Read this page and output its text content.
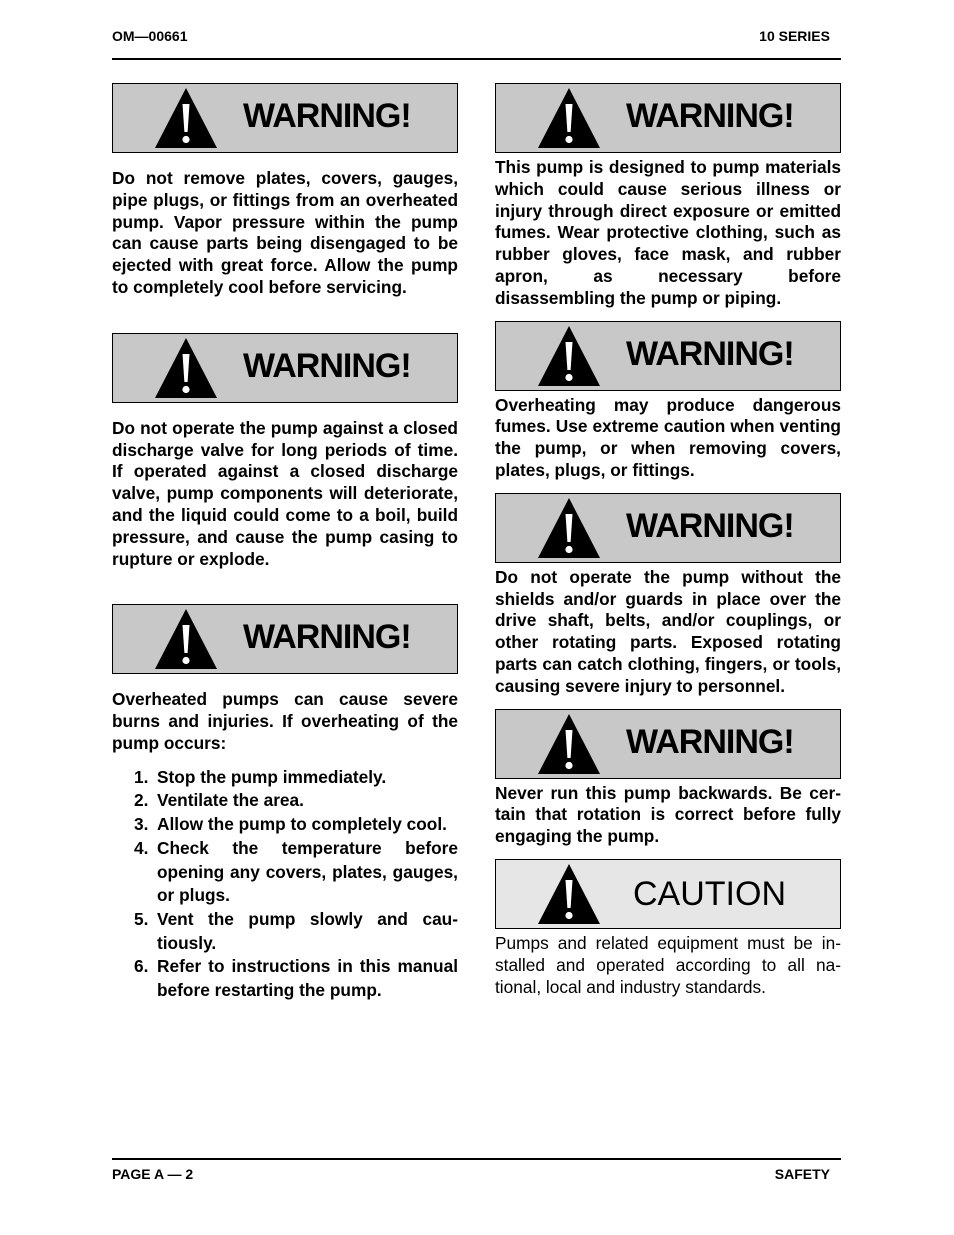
OM—00661	10 SERIES
WARNING!

Do not remove plates, covers, gauges, pipe plugs, or fittings from an overheated pump. Vapor pressure within the pump can cause parts being disengaged to be ejected with great force. Allow the pump to completely cool before servicing.

WARNING!

Do not operate the pump against a closed discharge valve for long periods of time. If operated against a closed discharge valve, pump components will deteriorate, and the liquid could come to a boil, build pressure, and cause the pump casing to rupture or explode.

WARNING!

Overheated pumps can cause severe burns and injuries. If overheating of the pump occurs:

1. Stop the pump immediately.
2. Ventilate the area.
3. Allow the pump to completely cool.
4. Check the temperature before opening any covers, plates, gauges, or plugs.
5. Vent the pump slowly and cautiously.
6. Refer to instructions in this manual before restarting the pump.
WARNING!

This pump is designed to pump materials which could cause serious illness or injury through direct exposure or emitted fumes. Wear protective clothing, such as rubber gloves, face mask, and rubber apron, as necessary before disassembling the pump or piping.

WARNING!

Overheating may produce dangerous fumes. Use extreme caution when venting the pump, or when removing covers, plates, plugs, or fittings.

WARNING!

Do not operate the pump without the shields and/or guards in place over the drive shaft, belts, and/or couplings, or other rotating parts. Exposed rotating parts can catch clothing, fingers, or tools, causing severe injury to personnel.

WARNING!

Never run this pump backwards. Be certain that rotation is correct before fully engaging the pump.

CAUTION

Pumps and related equipment must be installed and operated according to all national, local and industry standards.

PAGE A — 2	SAFETY
